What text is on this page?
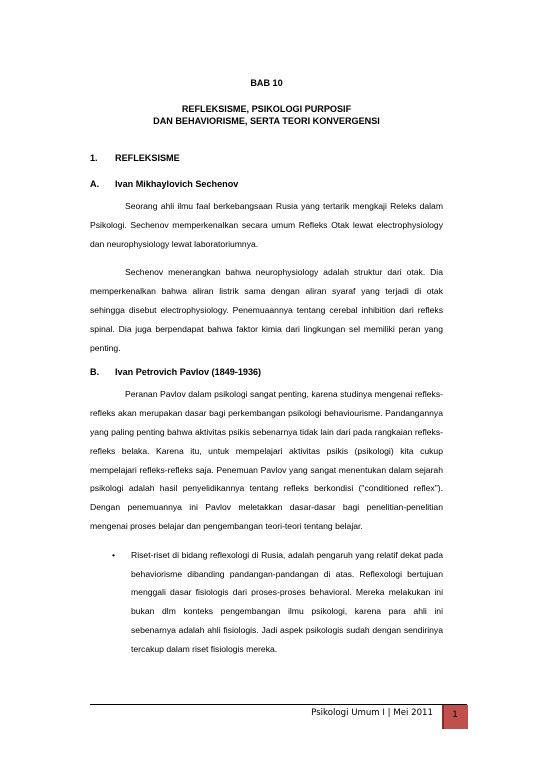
BAB 10
REFLEKSISME, PSIKOLOGI PURPOSIF
DAN BEHAVIORISME, SERTA TEORI KONVERGENSI
1. REFLEKSISME
A. Ivan Mikhaylovich Sechenov

Seorang ahli ilmu faal berkebangsaan Rusia yang tertarik mengkaji Releks dalam Psikologi. Sechenov memperkenalkan secara umum Refleks Otak lewat electrophysiology dan neurophysiology lewat laboratoriumnya.

Sechenov menerangkan bahwa neurophysiology adalah struktur dari otak. Dia memperkenalkan bahwa aliran listrik sama dengan aliran syaraf yang terjadi di otak sehingga disebut electrophysiology. Penemuaannya tentang cerebal inhibition dari refleks spinal. Dia juga berpendapat bahwa faktor kimia dari lingkungan sel memiliki peran yang penting.

B. Ivan Petrovich Pavlov (1849-1936)

Peranan Pavlov dalam psikologi sangat penting, karena studinya mengenai refleks-refleks akan merupakan dasar bagi perkembangan psikologi behaviourisme. Pandangannya yang paling penting bahwa aktivitas psikis sebenarnya tidak lain dari pada rangkaian refleks-refleks belaka. Karena itu, untuk mempelajari aktivitas psikis (psikologi) kita cukup mempelajari refleks-refleks saja. Penemuan Pavlov yang sangat menentukan dalam sejarah psikologi adalah hasil penyelidikannya tentang refleks berkondisi ("conditioned reflex"). Dengan penemuannya ini Pavlov meletakkan dasar-dasar bagi penelitian-penelitian mengenai proses belajar dan pengembangan teori-teori tentang belajar.

• Riset-riset di bidang reflexologi di Rusia, adalah pengaruh yang relatif dekat pada behaviorisme dibanding pandangan-pandangan di atas. Reflexologi bertujuan menggali dasar fisiologis dari proses-proses behavioral. Mereka melakukan ini bukan dlm konteks pengembangan ilmu psikologi, karena para ahli ini sebenarnya adalah ahli fisiologis. Jadi aspek psikologis sudah dengan sendirinya tercakup dalam riset fisiologis mereka.
Psikologi Umum I | Mei 2011	1
